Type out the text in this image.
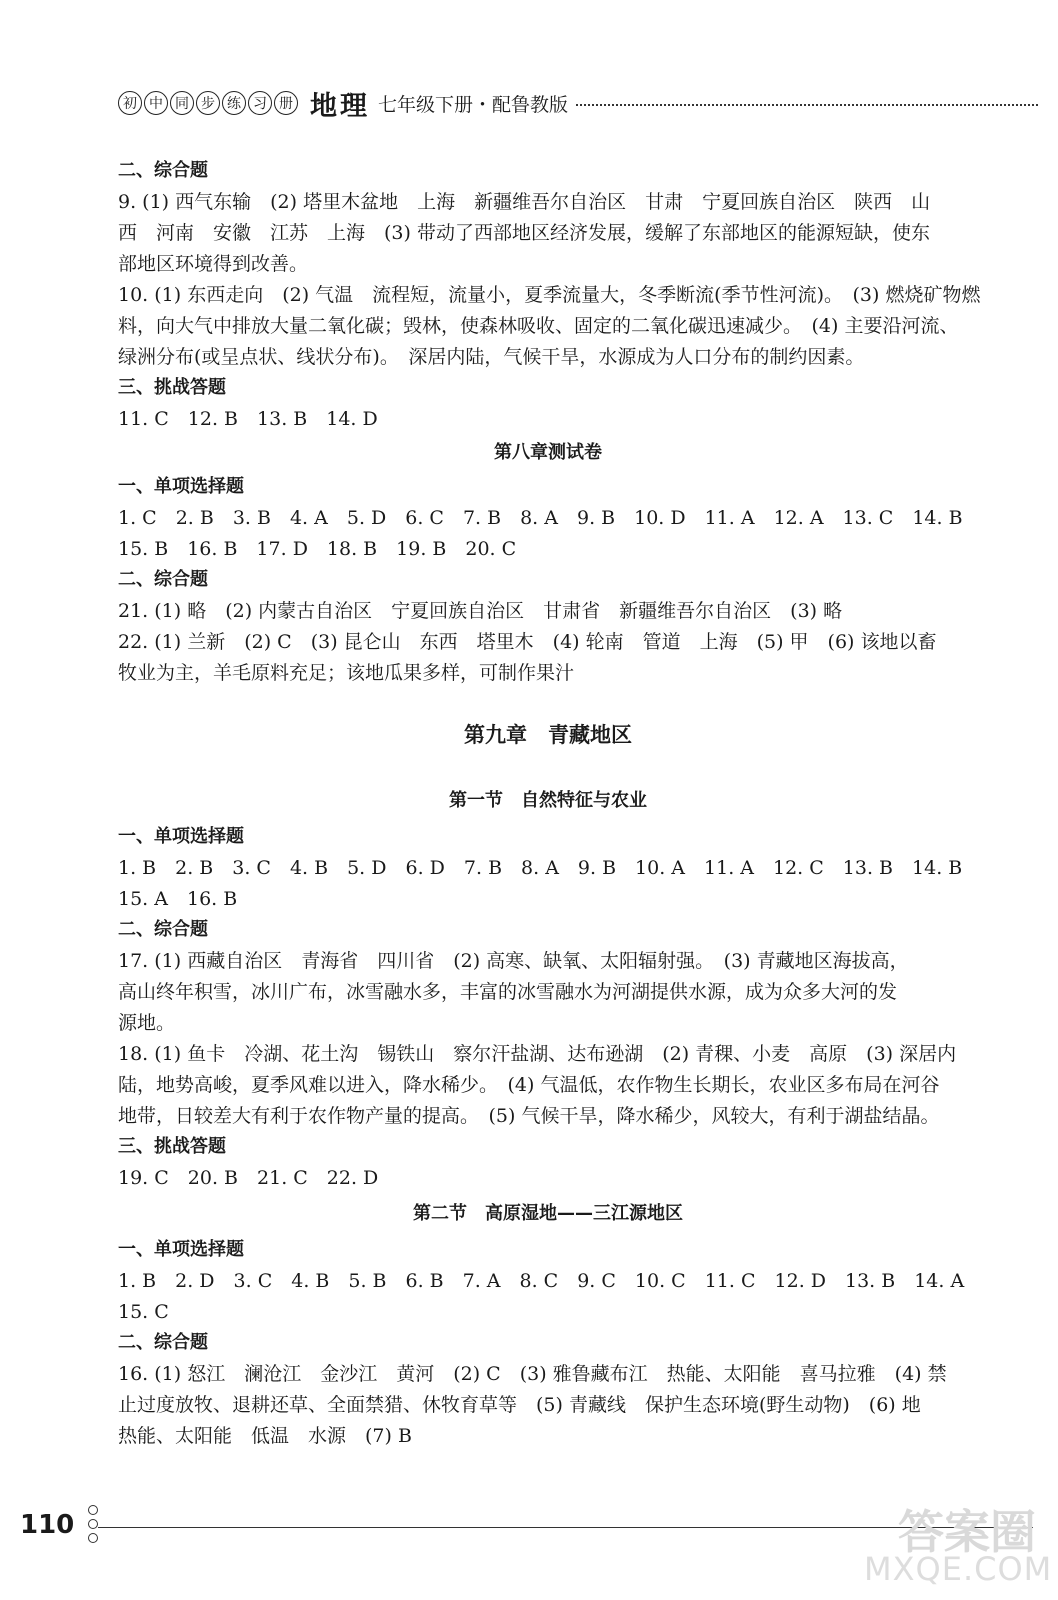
初 中 同 步 练 习 册 地理 七年级下册・配鲁教版
二、综合题
9. (1) 西气东输　(2) 塔里木盆地　上海　新疆维吾尔自治区　甘肃　宁夏回族自治区　陕西　山
西　河南　安徽　江苏　上海　(3) 带动了西部地区经济发展，缓解了东部地区的能源短缺，使东
部地区环境得到改善。
10. (1) 东西走向　(2) 气温　流程短，流量小，夏季流量大，冬季断流(季节性河流)。　(3) 燃烧矿物燃
料，向大气中排放大量二氧化碳；毁林，使森林吸收、固定的二氧化碳迅速减少。　(4) 主要沿河流、
绿洲分布(或呈点状、线状分布)。　深居内陆，气候干旱，水源成为人口分布的制约因素。
三、挑战答题
11. C　12. B　13. B　14. D
第八章测试卷
一、单项选择题
1. C　2. B　3. B　4. A　5. D　6. C　7. B　8. A　9. B　10. D　11. A　12. A　13. C　14. B
15. B　16. B　17. D　18. B　19. B　20. C
二、综合题
21. (1) 略　(2) 内蒙古自治区　宁夏回族自治区　甘肃省　新疆维吾尔自治区　(3) 略
22. (1) 兰新　(2) C　(3) 昆仑山　东西　塔里木　(4) 轮南　管道　上海　(5) 甲　(6) 该地以畜
牧业为主，羊毛原料充足；该地瓜果多样，可制作果汁
第九章　青藏地区
第一节　自然特征与农业
一、单项选择题
1. B　2. B　3. C　4. B　5. D　6. D　7. B　8. A　9. B　10. A　11. A　12. C　13. B　14. B
15. A　16. B
二、综合题
17. (1) 西藏自治区　青海省　四川省　(2) 高寒、缺氧、太阳辐射强。　(3) 青藏地区海拔高，
高山终年积雪，冰川广布，冰雪融水多，丰富的冰雪融水为河湖提供水源，成为众多大河的发
源地。
18. (1) 鱼卡　冷湖、花土沟　锡铁山　察尔汗盐湖、达布逊湖　(2) 青稞、小麦　高原　(3) 深居内
陆，地势高峻，夏季风难以进入，降水稀少。　(4) 气温低，农作物生长期长，农业区多布局在河谷
地带，日较差大有利于农作物产量的提高。　(5) 气候干旱，降水稀少，风较大，有利于湖盐结晶。
三、挑战答题
19. C　20. B　21. C　22. D
第二节　高原湿地——三江源地区
一、单项选择题
1. B　2. D　3. C　4. B　5. B　6. B　7. A　8. C　9. C　10. C　11. C　12. D　13. B　14. A
15. C
二、综合题
16. (1) 怒江　澜沧江　金沙江　黄河　(2) C　(3) 雅鲁藏布江　热能、太阳能　喜马拉雅　(4) 禁
止过度放牧、退耕还草、全面禁猎、休牧育草等　(5) 青藏线　保护生态环境(野生动物)　(6) 地
热能、太阳能　低温　水源　(7) B
110	答案圈
MXQE.COM
